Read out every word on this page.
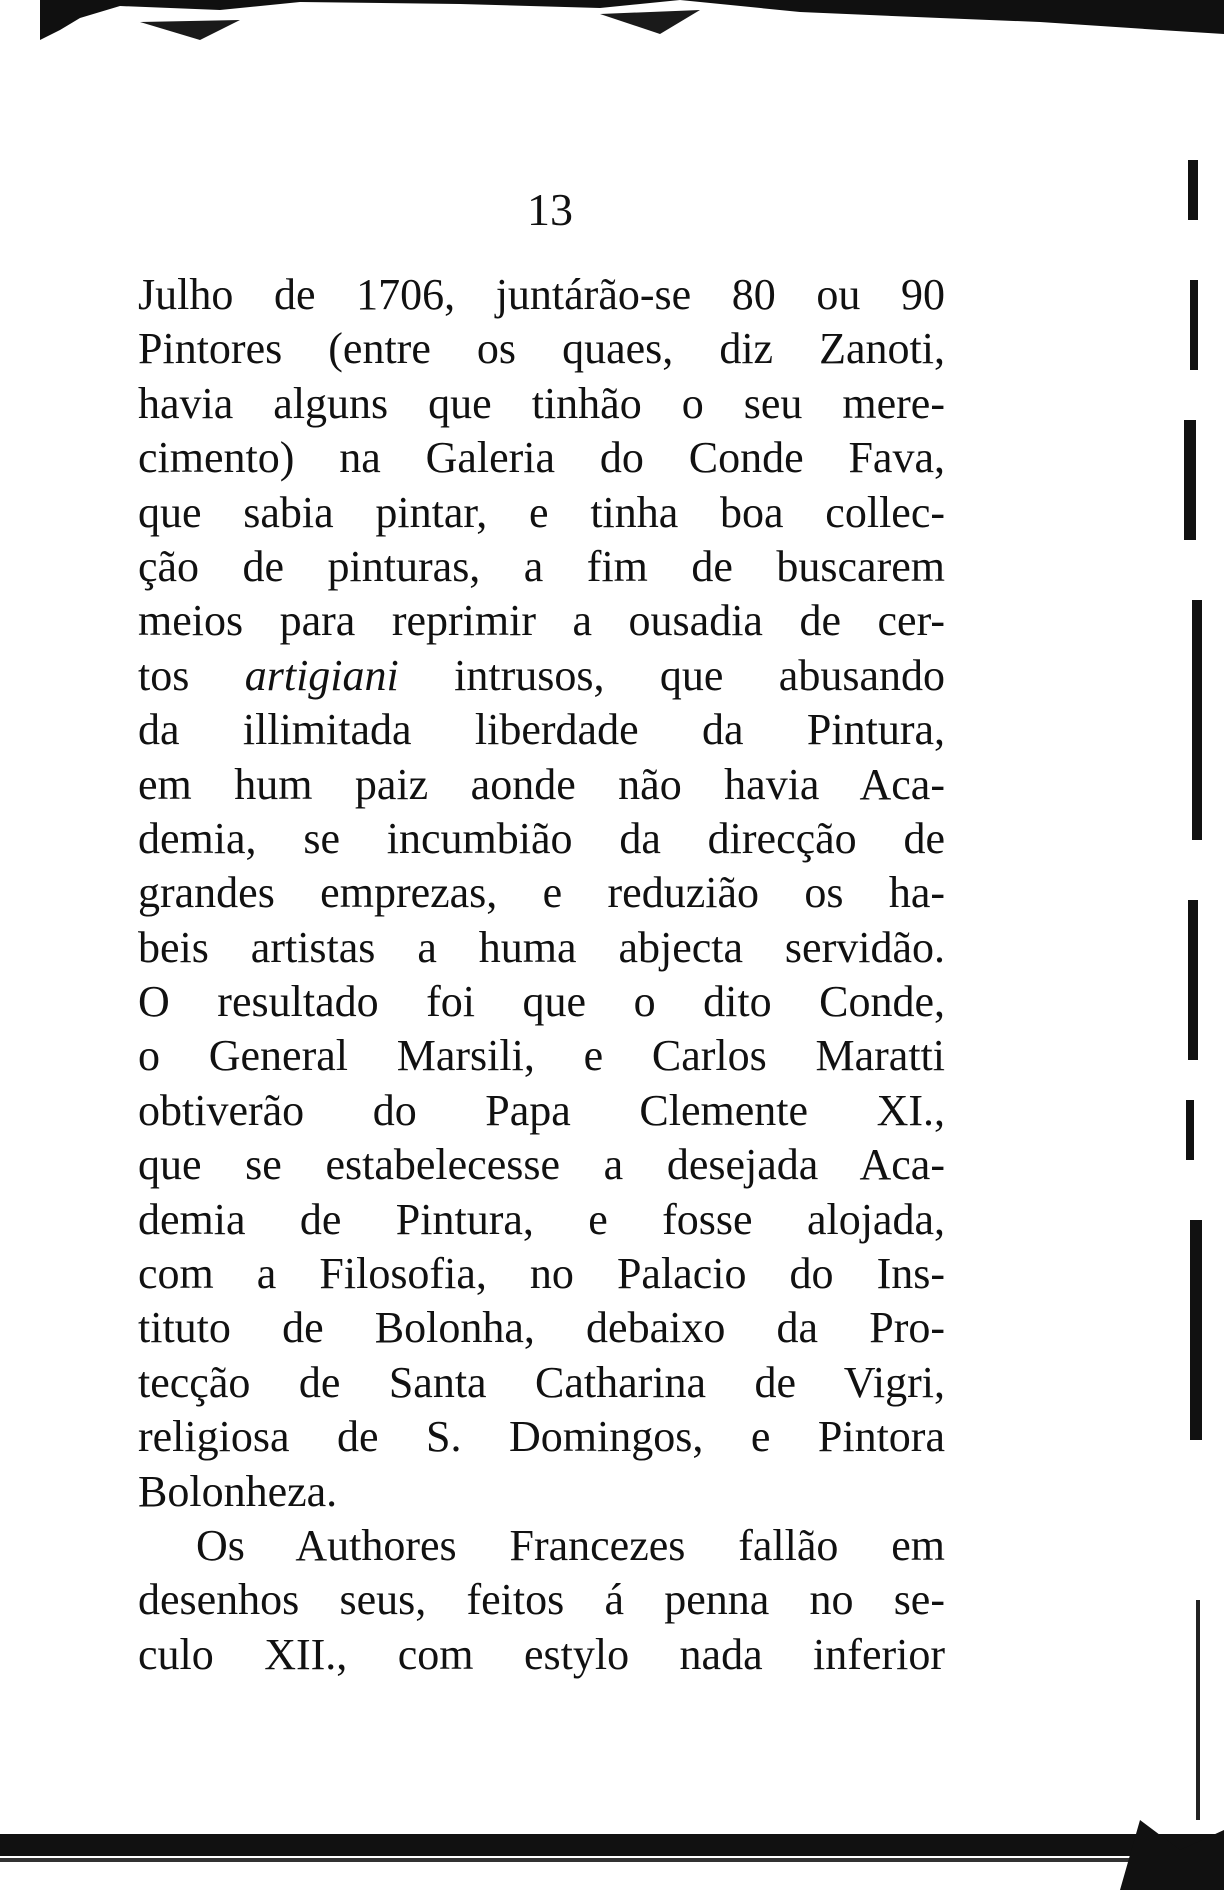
13
Julho de 1706, juntárão-se 80 ou 90
Pintores (entre os quaes, diz Zanoti,
havia alguns que tinhão o seu mere-
cimento) na Galeria do Conde Fava,
que sabia pintar, e tinha boa collec-
ção de pinturas, a fim de buscarem
meios para reprimir a ousadia de cer-
tos artigiani intrusos, que abusando
da illimitada liberdade da Pintura,
em hum paiz aonde não havia Aca-
demia, se incumbião da direcção de
grandes emprezas, e reduzião os ha-
beis artistas a huma abjecta servidão.
O resultado foi que o dito Conde,
o General Marsili, e Carlos Maratti
obtiverão do Papa Clemente XI.,
que se estabelecesse a desejada Aca-
demia de Pintura, e fosse alojada,
com a Filosofia, no Palacio do Ins-
tituto de Bolonha, debaixo da Pro-
tecção de Santa Catharina de Vigri,
religiosa de S. Domingos, e Pintora
Bolonheza.
Os Authores Francezes fallão em
desenhos seus, feitos á penna no se-
culo XII., com estylo nada inferior
